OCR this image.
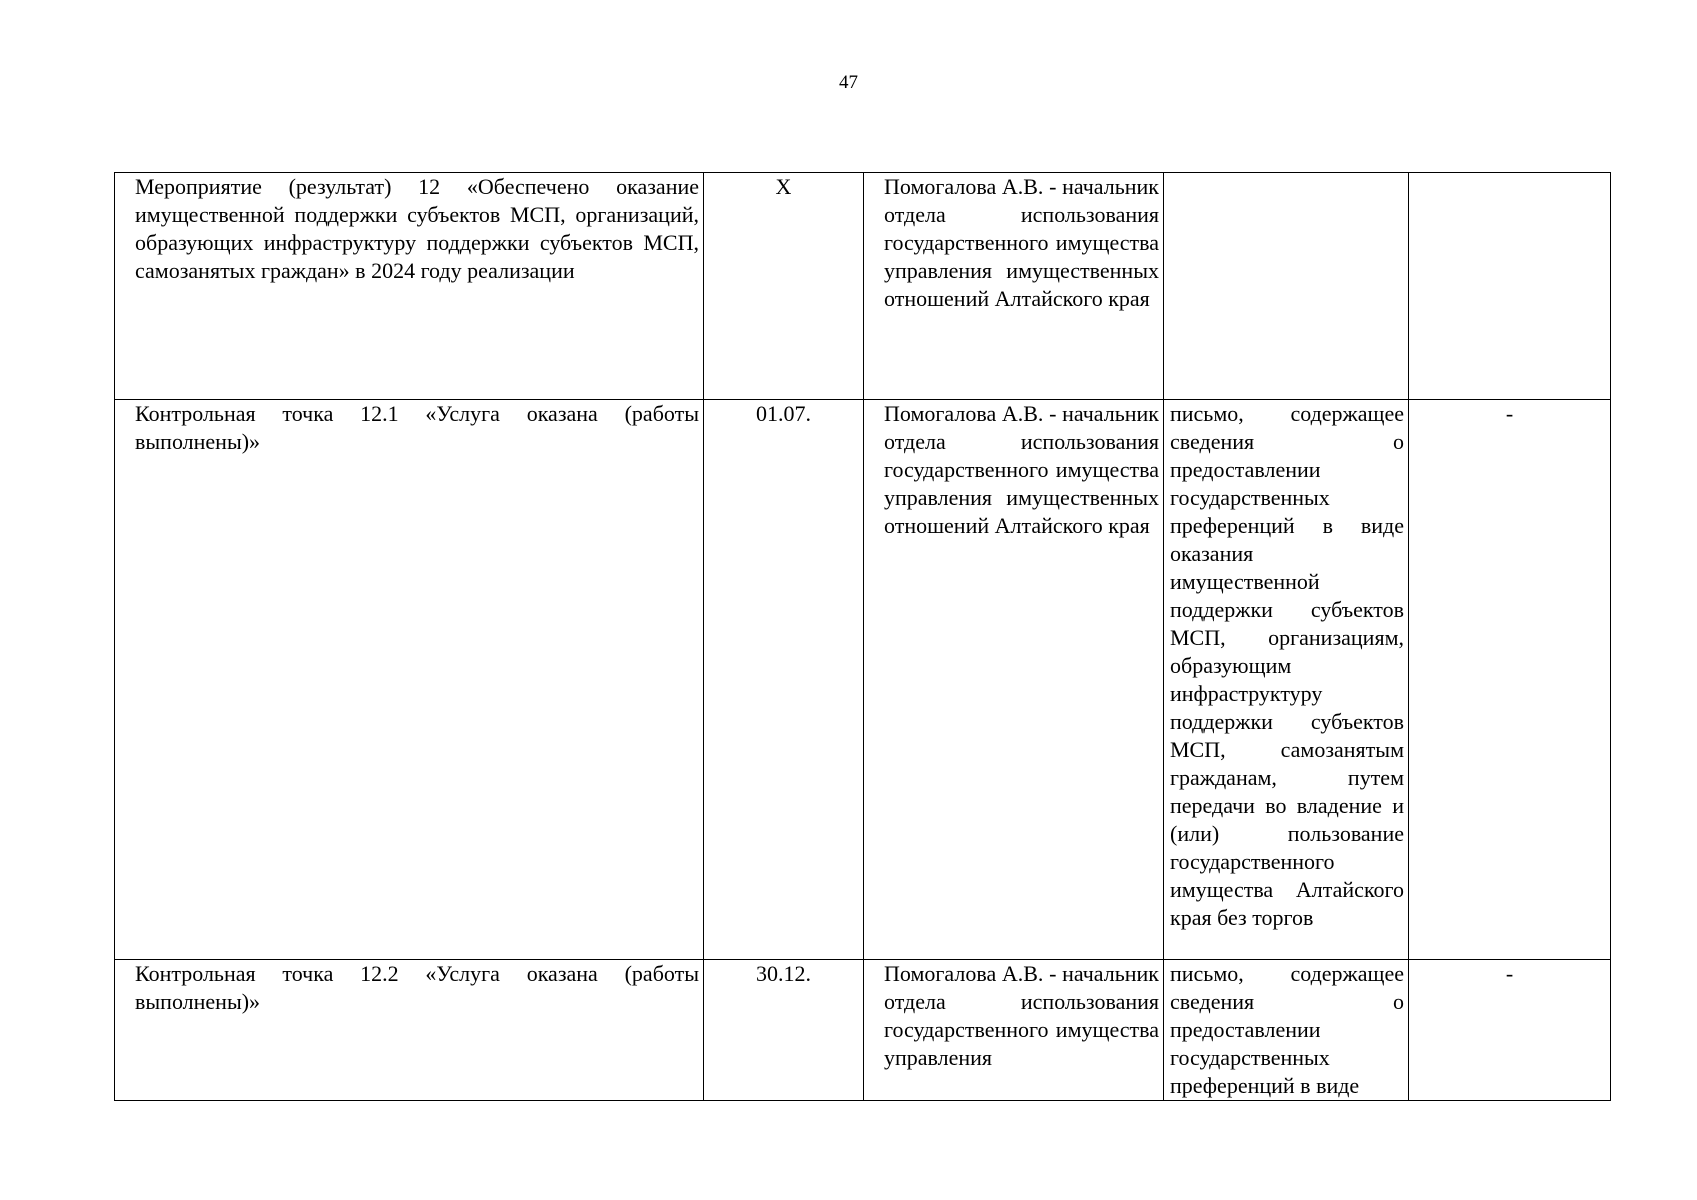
47
Мероприятие (результат) 12 «Обеспечено оказание имущественной поддержки субъектов МСП, организаций, образующих инфраструктуру поддержки субъектов МСП, самозанятых граждан» в 2024 году реализации	Х	Помогалова А.В. - начальник отдела использования государственного имущества управления имущественных отношений Алтайского края		

Контрольная точка 12.1 «Услуга оказана (работы выполнены)»	01.07.	Помогалова А.В. - начальник отдела использования государственного имущества управления имущественных отношений Алтайского края	письмо, содержащее сведения о предоставлении государственных преференций в виде оказания имущественной поддержки субъектов МСП, организациям, образующим инфраструктуру поддержки субъектов МСП, самозанятым гражданам, путем передачи во владение и (или) пользование государственного имущества Алтайского края без торгов	-

Контрольная точка 12.2 «Услуга оказана (работы выполнены)»	30.12.	Помогалова А.В. - начальник отдела использования государственного имущества управления	письмо, содержащее сведения о предоставлении государственных преференций в виде	-
